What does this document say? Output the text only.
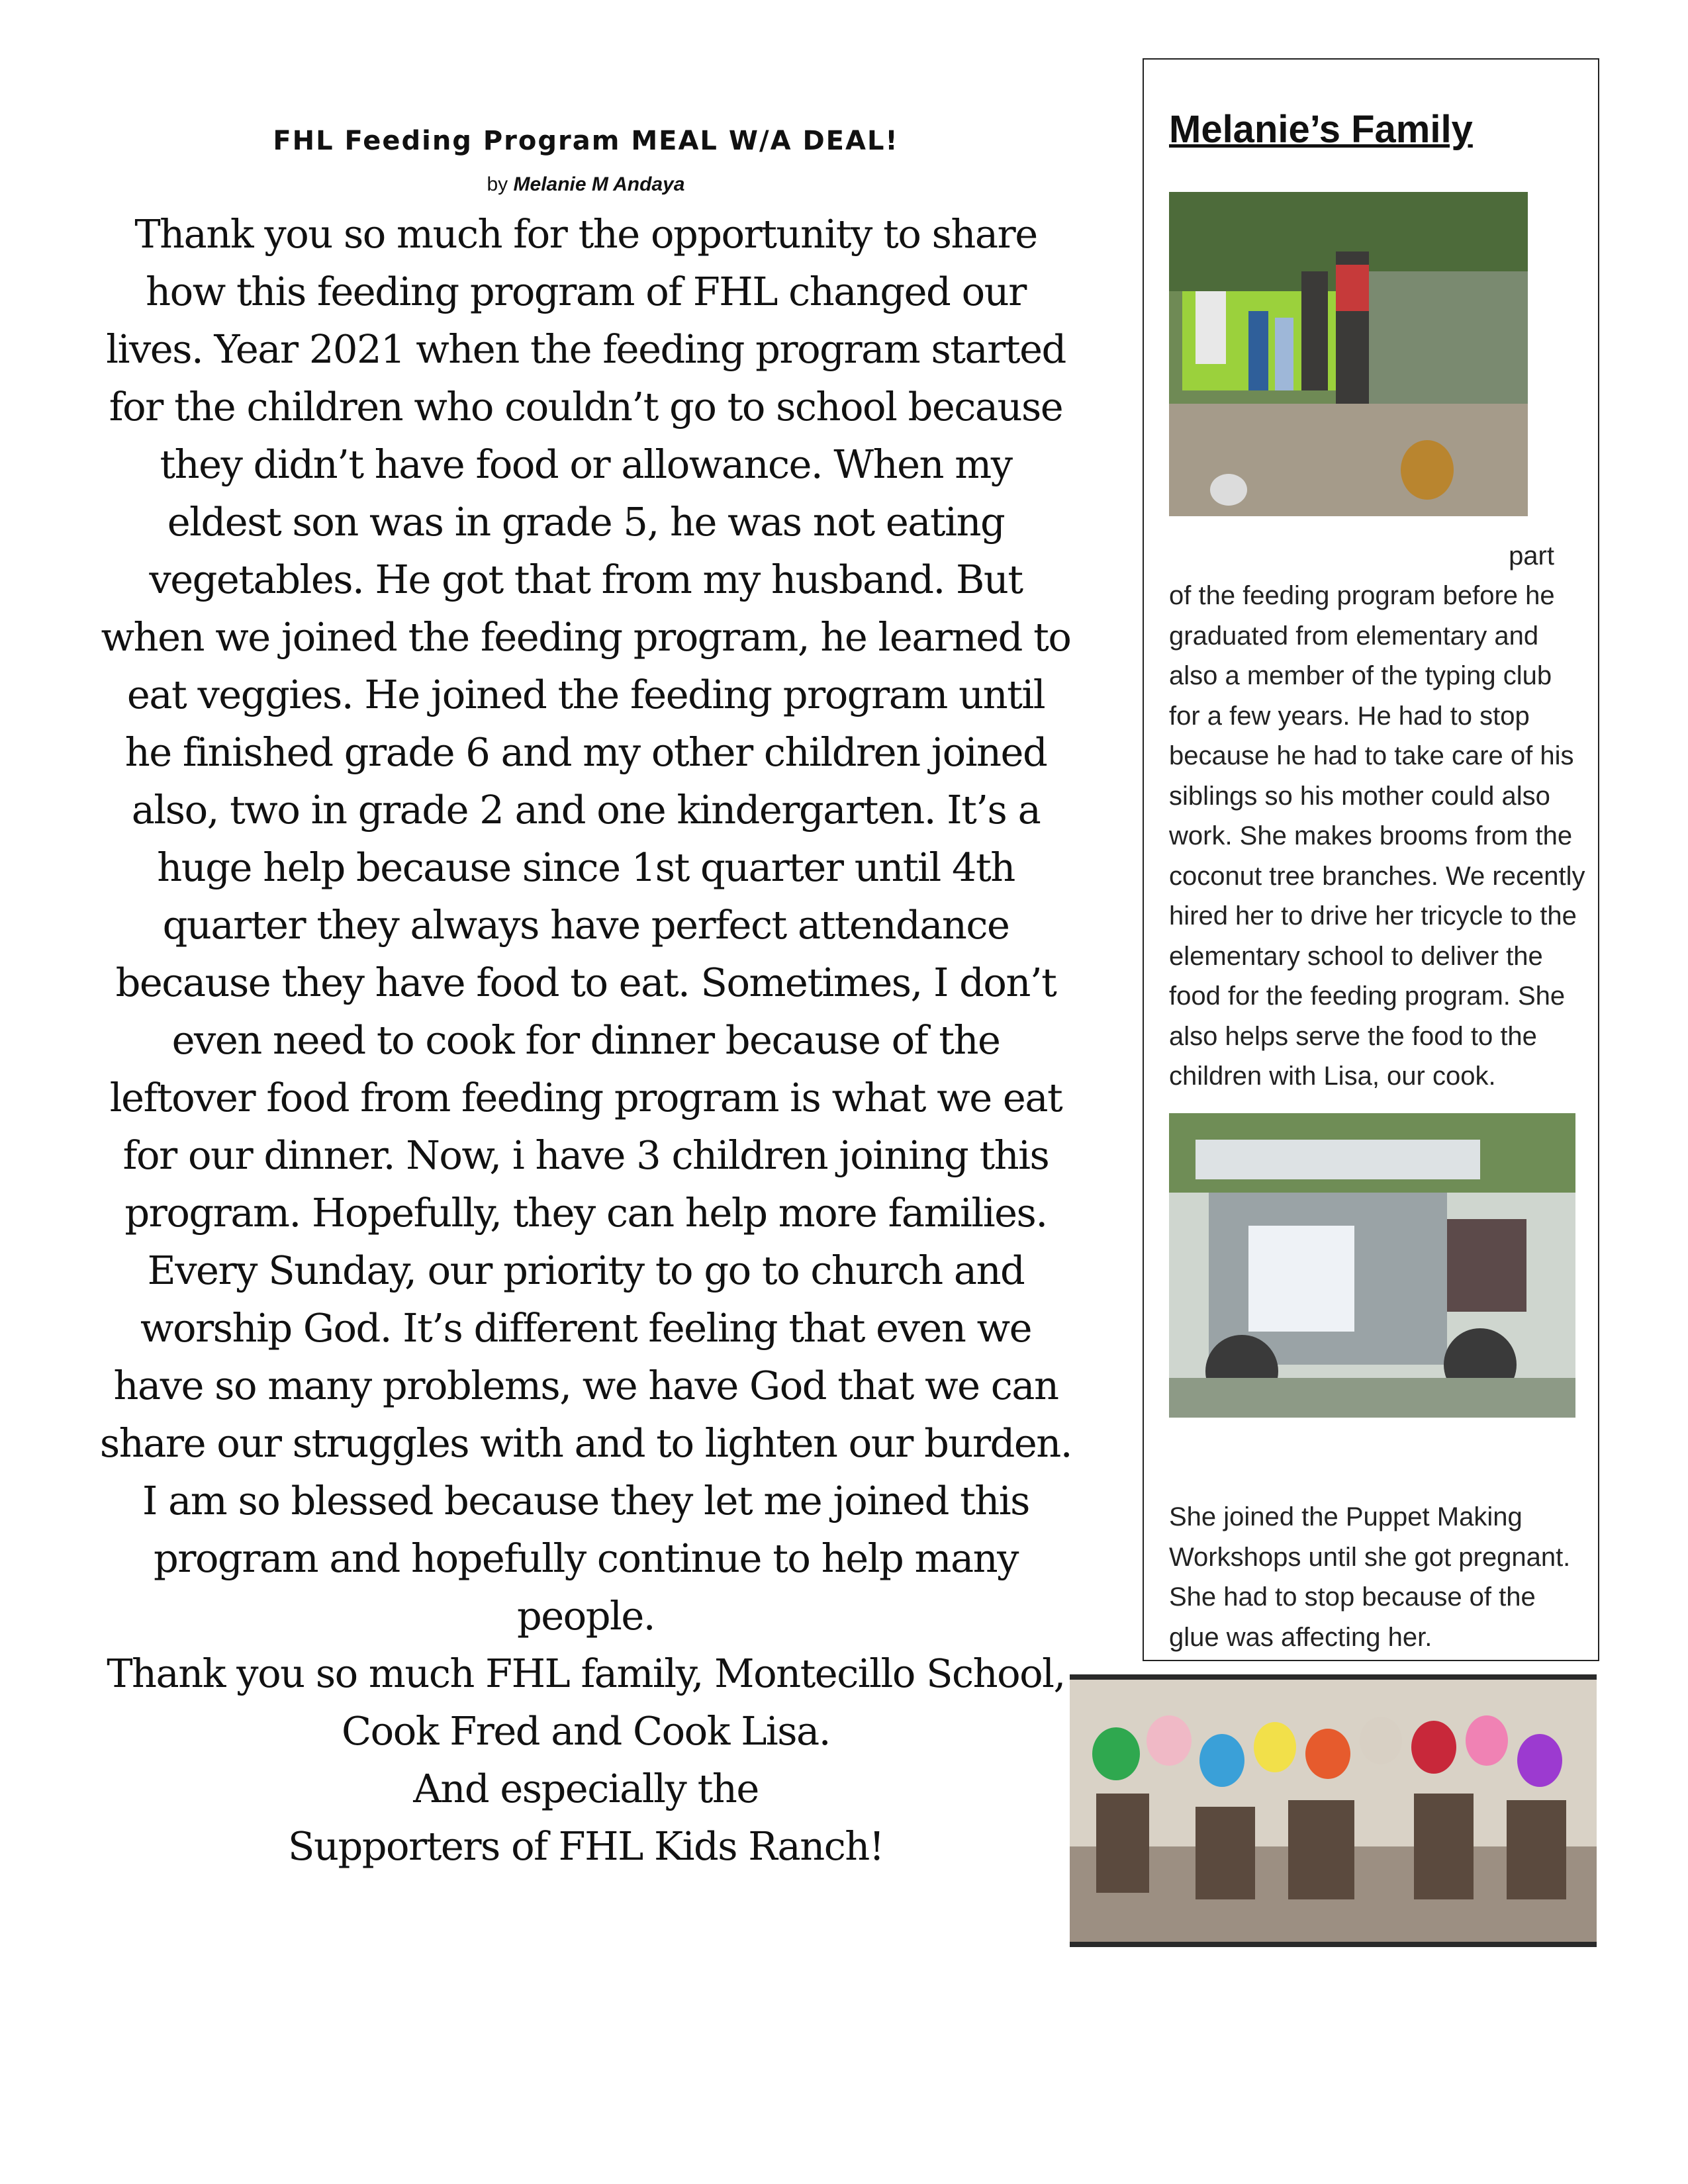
FHL Feeding Program MEAL W/A DEAL!

by Melanie M Andaya

Thank you so much for the opportunity to share how this feeding program of FHL changed our lives. Year 2021 when the feeding program started for the children who couldn’t go to school because they didn’t have food or allowance. When my eldest son was in grade 5, he was not eating vegetables. He got that from my husband. But when we joined the feeding program, he learned to eat veggies. He joined the feeding program until he finished grade 6 and my other children joined also, two in grade 2 and one kindergarten. It’s a huge help because since 1st quarter until 4th quarter they always have perfect attendance because they have food to eat. Sometimes, I don’t even need to cook for dinner because of the leftover food from feeding program is what we eat for our dinner. Now, i have 3 children joining this program. Hopefully, they can help more families. Every Sunday, our priority to go to church and worship God. It’s different feeling that even we have so many problems, we have God that we can share our struggles with and to lighten our burden. I am so blessed because they let me joined this program and hopefully continue to help many people.

Thank you so much FHL family, Montecillo School, Cook Fred and Cook Lisa.
And especially the
Supporters of FHL Kids Ranch!
Melanie’s Family

part
of the feeding program before he graduated from elementary and also a member of the typing club for a few years. He had to stop because he had to take care of his siblings so his mother could also work. She makes brooms from the coconut tree branches. We recently hired her to drive her tricycle to the elementary school to deliver the food for the feeding program. She also helps serve the food to the children with Lisa, our cook.

She joined the Puppet Making Workshops until she got pregnant. She had to stop because of the glue was affecting her.
